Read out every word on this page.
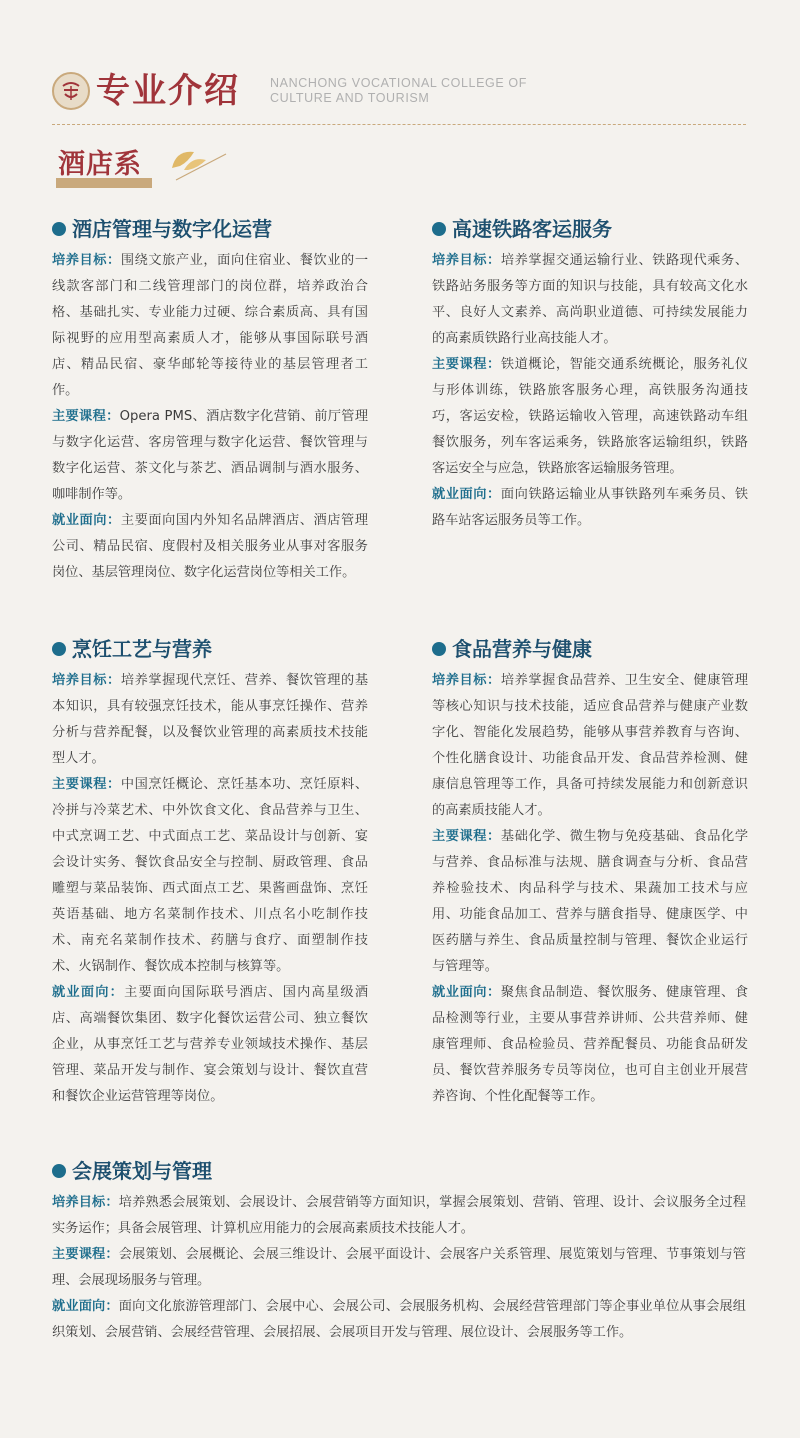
专业介绍 NANCHONG VOCATIONAL COLLEGE OF
CULTURE AND TOURISM
酒店系
酒店管理与数字化运营

培养目标：围绕文旅产业，面向住宿业、餐饮业的一线款客部门和二线管理部门的岗位群，培养政治合格、基础扎实、专业能力过硬、综合素质高、具有国际视野的应用型高素质人才，能够从事国际联号酒店、精品民宿、豪华邮轮等接待业的基层管理者工作。

主要课程：Opera PMS、酒店数字化营销、前厅管理与数字化运营、客房管理与数字化运营、餐饮管理与数字化运营、茶文化与茶艺、酒品调制与酒水服务、咖啡制作等。

就业面向：主要面向国内外知名品牌酒店、酒店管理公司、精品民宿、度假村及相关服务业从事对客服务岗位、基层管理岗位、数字化运营岗位等相关工作。

高速铁路客运服务

培养目标：培养掌握交通运输行业、铁路现代乘务、铁路站务服务等方面的知识与技能，具有较高文化水平、良好人文素养、高尚职业道德、可持续发展能力的高素质铁路行业高技能人才。

主要课程：铁道概论，智能交通系统概论，服务礼仪与形体训练，铁路旅客服务心理，高铁服务沟通技巧，客运安检，铁路运输收入管理，高速铁路动车组餐饮服务，列车客运乘务，铁路旅客运输组织，铁路客运安全与应急，铁路旅客运输服务管理。

就业面向：面向铁路运输业从事铁路列车乘务员、铁路车站客运服务员等工作。

烹饪工艺与营养

培养目标：培养掌握现代烹饪、营养、餐饮管理的基本知识，具有较强烹饪技术，能从事烹饪操作、营养分析与营养配餐，以及餐饮业管理的高素质技术技能型人才。

主要课程：中国烹饪概论、烹饪基本功、烹饪原料、冷拼与冷菜艺术、中外饮食文化、食品营养与卫生、中式烹调工艺、中式面点工艺、菜品设计与创新、宴会设计实务、餐饮食品安全与控制、厨政管理、食品雕塑与菜品装饰、西式面点工艺、果酱画盘饰、烹饪英语基础、地方名菜制作技术、川点名小吃制作技术、南充名菜制作技术、药膳与食疗、面塑制作技术、火锅制作、餐饮成本控制与核算等。

就业面向：主要面向国际联号酒店、国内高星级酒店、高端餐饮集团、数字化餐饮运营公司、独立餐饮企业，从事烹饪工艺与营养专业领域技术操作、基层管理、菜品开发与制作、宴会策划与设计、餐饮直营和餐饮企业运营管理等岗位。

食品营养与健康

培养目标：培养掌握食品营养、卫生安全、健康管理等核心知识与技术技能，适应食品营养与健康产业数字化、智能化发展趋势，能够从事营养教育与咨询、个性化膳食设计、功能食品开发、食品营养检测、健康信息管理等工作，具备可持续发展能力和创新意识的高素质技能人才。

主要课程：基础化学、微生物与免疫基础、食品化学与营养、食品标准与法规、膳食调查与分析、食品营养检验技术、肉品科学与技术、果蔬加工技术与应用、功能食品加工、营养与膳食指导、健康医学、中医药膳与养生、食品质量控制与管理、餐饮企业运行与管理等。

就业面向：聚焦食品制造、餐饮服务、健康管理、食品检测等行业，主要从事营养讲师、公共营养师、健康管理师、食品检验员、营养配餐员、功能食品研发员、餐饮营养服务专员等岗位，也可自主创业开展营养咨询、个性化配餐等工作。

会展策划与管理

培养目标：培养熟悉会展策划、会展设计、会展营销等方面知识，掌握会展策划、营销、管理、设计、会议服务全过程实务运作；具备会展管理、计算机应用能力的会展高素质技术技能人才。

主要课程：会展策划、会展概论、会展三维设计、会展平面设计、会展客户关系管理、展览策划与管理、节事策划与管理、会展现场服务与管理。

就业面向：面向文化旅游管理部门、会展中心、会展公司、会展服务机构、会展经营管理部门等企事业单位从事会展组织策划、会展营销、会展经营管理、会展招展、会展项目开发与管理、展位设计、会展服务等工作。
